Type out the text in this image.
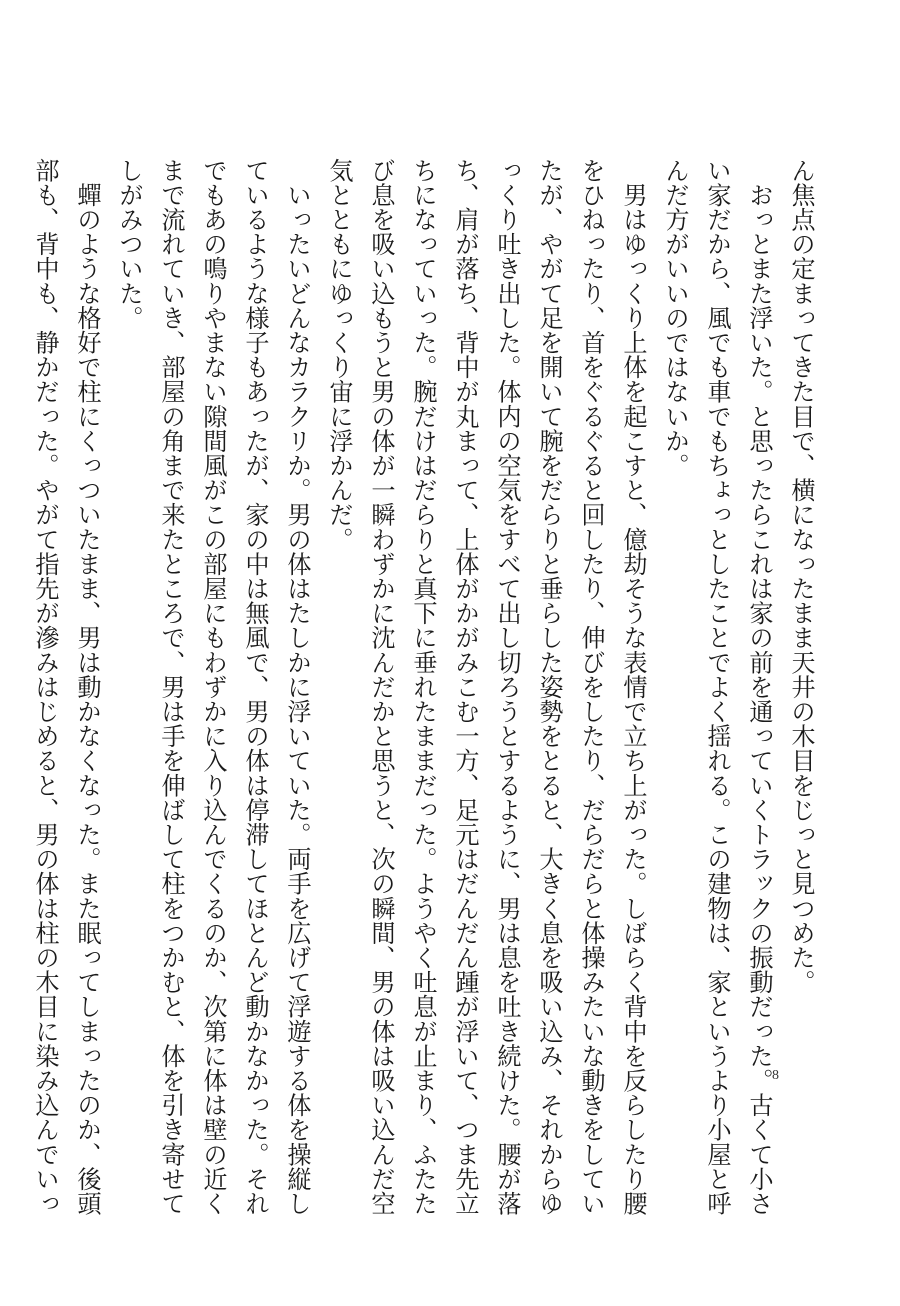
ん焦点の定まってきた目で、横になったまま天井の木目をじっと見つめた。
　おっとまた浮いた。と思ったらこれは家の前を通っていくトラックの振動だった。古くて小さ
い家だから、風でも車でもちょっとしたことでよく揺れる。この建物は、家というより小屋と呼
んだ方がいいのではないか。
　男はゆっくり上体を起こすと、億劫そうな表情で立ち上がった。しばらく背中を反らしたり腰
をひねったり、首をぐるぐると回したり、伸びをしたり、だらだらと体操みたいな動きをしてい
たが、やがて足を開いて腕をだらりと垂らした姿勢をとると、大きく息を吸い込み、それからゆ
っくり吐き出した。体内の空気をすべて出し切ろうとするように、男は息を吐き続けた。腰が落
ち、肩が落ち、背中が丸まって、上体がかがみこむ一方、足元はだんだん踵が浮いて、つま先立
ちになっていった。腕だけはだらりと真下に垂れたままだった。ようやく吐息が止まり、ふたた
び息を吸い込もうと男の体が一瞬わずかに沈んだかと思うと、次の瞬間、男の体は吸い込んだ空
気とともにゆっくり宙に浮かんだ。
　いったいどんなカラクリか。男の体はたしかに浮いていた。両手を広げて浮遊する体を操縦し
ているような様子もあったが、家の中は無風で、男の体は停滞してほとんど動かなかった。それ
でもあの鳴りやまない隙間風がこの部屋にもわずかに入り込んでくるのか、次第に体は壁の近く
まで流れていき、部屋の角まで来たところで、男は手を伸ばして柱をつかむと、体を引き寄せて
しがみついた。
　蟬のような格好で柱にくっついたまま、男は動かなくなった。また眠ってしまったのか、後頭
部も、背中も、静かだった。やがて指先が滲みはじめると、男の体は柱の木目に染み込んでいっ	8
